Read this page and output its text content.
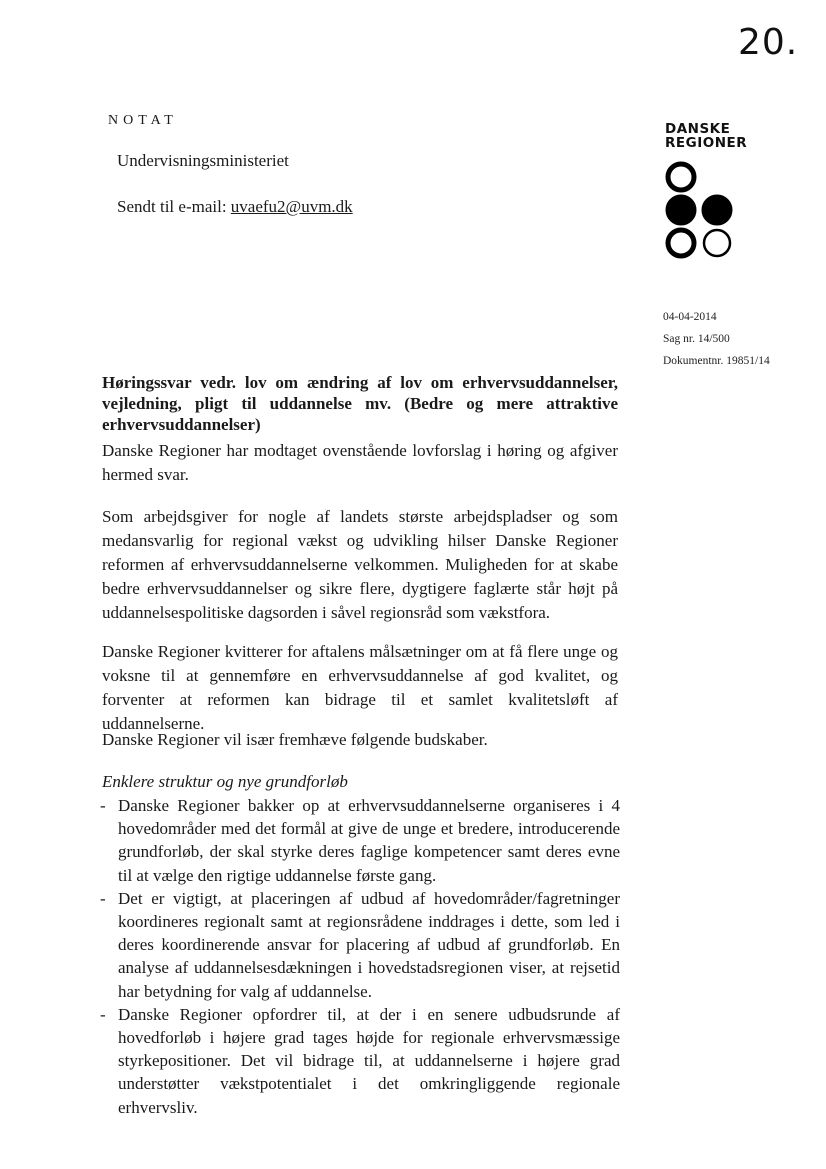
20.
NOTAT
Undervisningsministeriet
Sendt til e-mail: uvaefu2@uvm.dk
DANSKE
REGIONER
04-04-2014
Sag nr. 14/500
Dokumentnr. 19851/14
Høringssvar vedr. lov om ændring af lov om erhvervsuddannelser, vejledning, pligt til uddannelse mv. (Bedre og mere attraktive erhvervsuddannelser)
Danske Regioner har modtaget ovenstående lovforslag i høring og afgiver hermed svar.
Som arbejdsgiver for nogle af landets største arbejdspladser og som medansvarlig for regional vækst og udvikling hilser Danske Regioner reformen af erhvervsuddannelserne velkommen. Muligheden for at skabe bedre erhvervsuddannelser og sikre flere, dygtigere faglærte står højt på uddannelsespolitiske dagsorden i såvel regionsråd som vækstfora.
Danske Regioner kvitterer for aftalens målsætninger om at få flere unge og voksne til at gennemføre en erhvervsuddannelse af god kvalitet, og forventer at reformen kan bidrage til et samlet kvalitetsløft af uddannelserne.
Danske Regioner vil især fremhæve følgende budskaber.
Enklere struktur og nye grundforløb
- Danske Regioner bakker op at erhvervsuddannelserne organiseres i 4 hovedområder med det formål at give de unge et bredere, introducerende grundforløb, der skal styrke deres faglige kompetencer samt deres evne til at vælge den rigtige uddannelse første gang.
- Det er vigtigt, at placeringen af udbud af hovedområder/fagretninger koordineres regionalt samt at regionsrådene inddrages i dette, som led i deres koordinerende ansvar for placering af udbud af grundforløb. En analyse af uddannelsesdækningen i hovedstadsregionen viser, at rejsetid har betydning for valg af uddannelse.
- Danske Regioner opfordrer til, at der i en senere udbudsrunde af hovedforløb i højere grad tages højde for regionale erhvervsmæssige styrkepositioner. Det vil bidrage til, at uddannelserne i højere grad understøtter vækstpotentialet i det omkringliggende regionale erhvervsliv.
